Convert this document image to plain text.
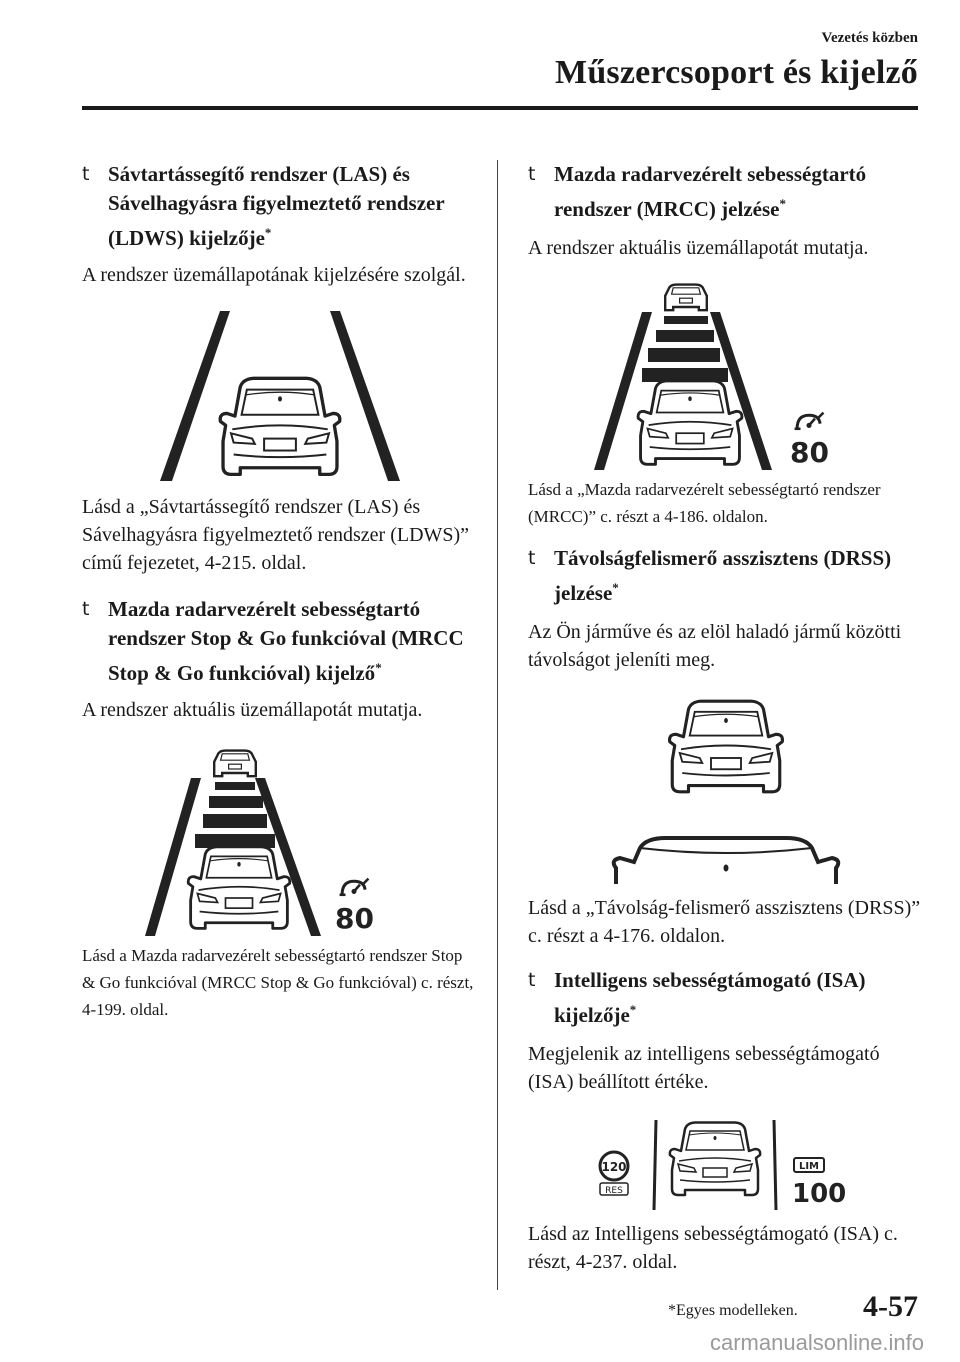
Vezetés közben
Műszercsoport és kijelző
t Sávtartássegítő rendszer (LAS) és Sávelhagyásra figyelmeztető rendszer (LDWS) kijelzője*

A rendszer üzemállapotának kijelzésére szolgál.

Lásd a „Sávtartássegítő rendszer (LAS) és Sávelhagyásra figyelmeztető rendszer (LDWS)” című fejezetet, 4-215. oldal.

t Mazda radarvezérelt sebességtartó rendszer Stop & Go funkcióval (MRCC Stop & Go funkcióval) kijelző*

A rendszer aktuális üzemállapotát mutatja.

80

Lásd a Mazda radarvezérelt sebességtartó rendszer Stop & Go funkcióval (MRCC Stop & Go funkcióval) c. részt, 4-199. oldal.

t Mazda radarvezérelt sebességtartó rendszer (MRCC) jelzése*

A rendszer aktuális üzemállapotát mutatja.

80

Lásd a „Mazda radarvezérelt sebességtartó rendszer (MRCC)” c. részt a 4-186. oldalon.

t Távolságfelismerő asszisztens (DRSS) jelzése*

Az Ön járműve és az elöl haladó jármű közötti távolságot jeleníti meg.

Lásd a „Távolság-felismerő asszisztens (DRSS)” c. részt a 4-176. oldalon.

t Intelligens sebességtámogató (ISA) kijelzője*

Megjelenik az intelligens sebességtámogató (ISA) beállított értéke.

120
RES
LIM
100

Lásd az Intelligens sebességtámogató (ISA) c. részt, 4-237. oldal.

*Egyes modelleken. 4-57
carmanualsonline.info
